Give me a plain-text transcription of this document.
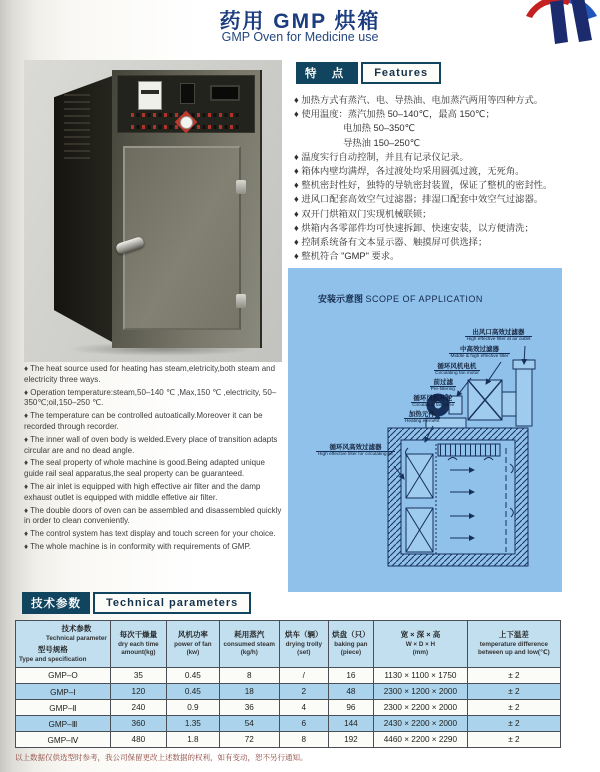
药用 GMP 烘箱
GMP Oven for Medicine use
♦ The heat source used for heating has steam,eletricity,both steam and electricity three ways.
♦ Operation temperature:steam,50–140 ℃ ,Max,150 ℃ ,electricity, 50–350℃;oil,150–250 ℃.
♦ The temperature can be controlled autoatically.Moreover it can be recorded through recorder.
♦ The inner wall of oven body is welded.Every place of transition adapts circular are and no dead angle.
♦ The seal property of whole machine is good.Being adapted unique guide rail seal apparatus,the seal property can be guaranteed.
♦ The air inlet is equipped with high effective air filter and the damp exhaust outlet is equipped with middle effetive air filter.
♦ The double doors of oven can be assembled and disassembled quickly in order to clean conveniently.
♦ The control system has text display and touch screen for your choice.
♦ The whole machine is in conformity with requirements of GMP.
特 点	Features
♦ 加热方式有蒸汽、电、导热油、电加蒸汽两用等四种方式。
♦ 使用温度：蒸汽加热 50–140℃，最高 150℃；
　　　　　 电加热 50–350℃
　　　　　 导热油 150–250℃
♦ 温度实行自动控制，并且有记录仪记录。
♦ 箱体内壁均满焊，各过渡处均采用圆弧过渡，无死角。
♦ 整机密封性好，独特的导轨密封装置，保证了整机的密封性。
♦ 进风口配套高效空气过滤器；排湿口配套中效空气过滤器。
♦ 双开门烘箱双门实现机械联锁；
♦ 烘箱内各零部件均可快速拆卸、快速安装，以方便清洗；
♦ 控制系统备有文本显示器、触摸屏可供选择；
♦ 整机符合 "GMP" 要求。
安装示意图 SCOPE OF APPLICATION
出风口高效过滤器
High effective filter at air outlet
中高效过滤器
Middle & high effective filter
循环风机电机
Circulating fan motor
前过滤
Pre-filtering
循环风机叶轮
Circulating fan vane
加热元件
Heating element
循环风高效过滤器
High effective filter for circulating air
技术参数	Technical parameters
技术参数
Technical parameter
型号规格
Type and specification

每次干燥量
dry each time
amount(kg)

风机功率
power of fan
(kw)

耗用蒸汽
consumed steam
(kg/h)

烘车（辆）
drying trolly
(set)

烘盘（只）
baking pan
(piece)

宽 × 深 × 高
W × D × H
(mm)

上下温差
temperature difference
between up and low(℃)

GMP–O	35	0.45	8	/	16	1130 × 1100 × 1750	± 2
GMP–Ⅰ	120	0.45	18	2	48	2300 × 1200 × 2000	± 2
GMP–Ⅱ	240	0.9	36	4	96	2300 × 2200 × 2000	± 2
GMP–Ⅲ	360	1.35	54	6	144	2430 × 2200 × 2000	± 2
GMP–Ⅳ	480	1.8	72	8	192	4460 × 2200 × 2290	± 2
以上数据仅供选型时参考，我公司保留更改上述数据的权利，如有变动，恕不另行通知。
